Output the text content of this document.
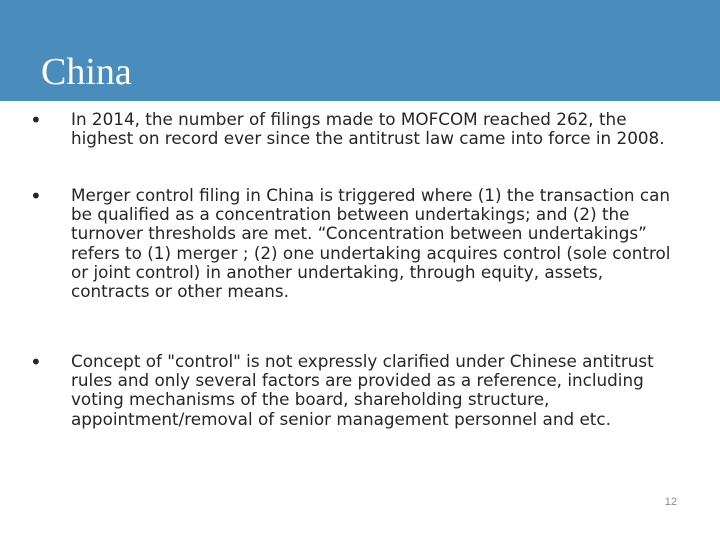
China
• In 2014, the number of filings made to MOFCOM reached 262, the highest on record ever since the antitrust law came into force in 2008.

• Merger control filing in China is triggered where (1) the transaction can be qualified as a concentration between undertakings; and (2) the turnover thresholds are met. “Concentration between undertakings” refers to (1) merger ; (2) one undertaking acquires control (sole control or joint control) in another undertaking, through equity, assets, contracts or other means.

• Concept of "control" is not expressly clarified under Chinese antitrust rules and only several factors are provided as a reference, including voting mechanisms of the board, shareholding structure, appointment/removal of senior management personnel and etc.

12
